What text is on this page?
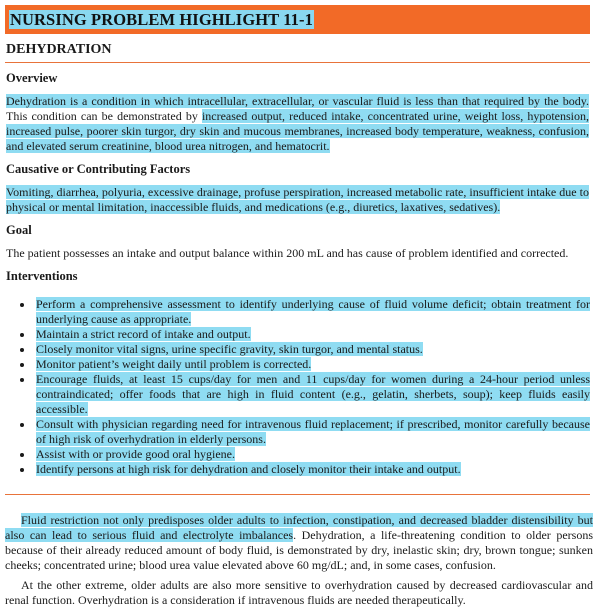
NURSING PROBLEM HIGHLIGHT 11-1
DEHYDRATION
Overview

Dehydration is a condition in which intracellular, extracellular, or vascular fluid is less than that required by the body. This condition can be demonstrated by increased output, reduced intake, concentrated urine, weight loss, hypotension, increased pulse, poorer skin turgor, dry skin and mucous membranes, increased body temperature, weakness, confusion, and elevated serum creatinine, blood urea nitrogen, and hematocrit.

Causative or Contributing Factors

Vomiting, diarrhea, polyuria, excessive drainage, profuse perspiration, increased metabolic rate, insufficient intake due to physical or mental limitation, inaccessible fluids, and medications (e.g., diuretics, laxatives, sedatives).

Goal

The patient possesses an intake and output balance within 200 mL and has cause of problem identified and corrected.

Interventions
Perform a comprehensive assessment to identify underlying cause of fluid volume deficit; obtain treatment for underlying cause as appropriate.
Maintain a strict record of intake and output.
Closely monitor vital signs, urine specific gravity, skin turgor, and mental status.
Monitor patient’s weight daily until problem is corrected.
Encourage fluids, at least 15 cups/day for men and 11 cups/day for women during a 24-hour period unless contraindicated; offer foods that are high in fluid content (e.g., gelatin, sherbets, soup); keep fluids easily accessible.
Consult with physician regarding need for intravenous fluid replacement; if prescribed, monitor carefully because of high risk of overhydration in elderly persons.
Assist with or provide good oral hygiene.
Identify persons at high risk for dehydration and closely monitor their intake and output.

Fluid restriction not only predisposes older adults to infection, constipation, and decreased bladder distensibility but also can lead to serious fluid and electrolyte imbalances. Dehydration, a life-threatening condition to older persons because of their already reduced amount of body fluid, is demonstrated by dry, inelastic skin; dry, brown tongue; sunken cheeks; concentrated urine; blood urea value elevated above 60 mg/dL; and, in some cases, confusion.

At the other extreme, older adults are also more sensitive to overhydration caused by decreased cardiovascular and renal function. Overhydration is a consideration if intravenous fluids are needed therapeutically.
